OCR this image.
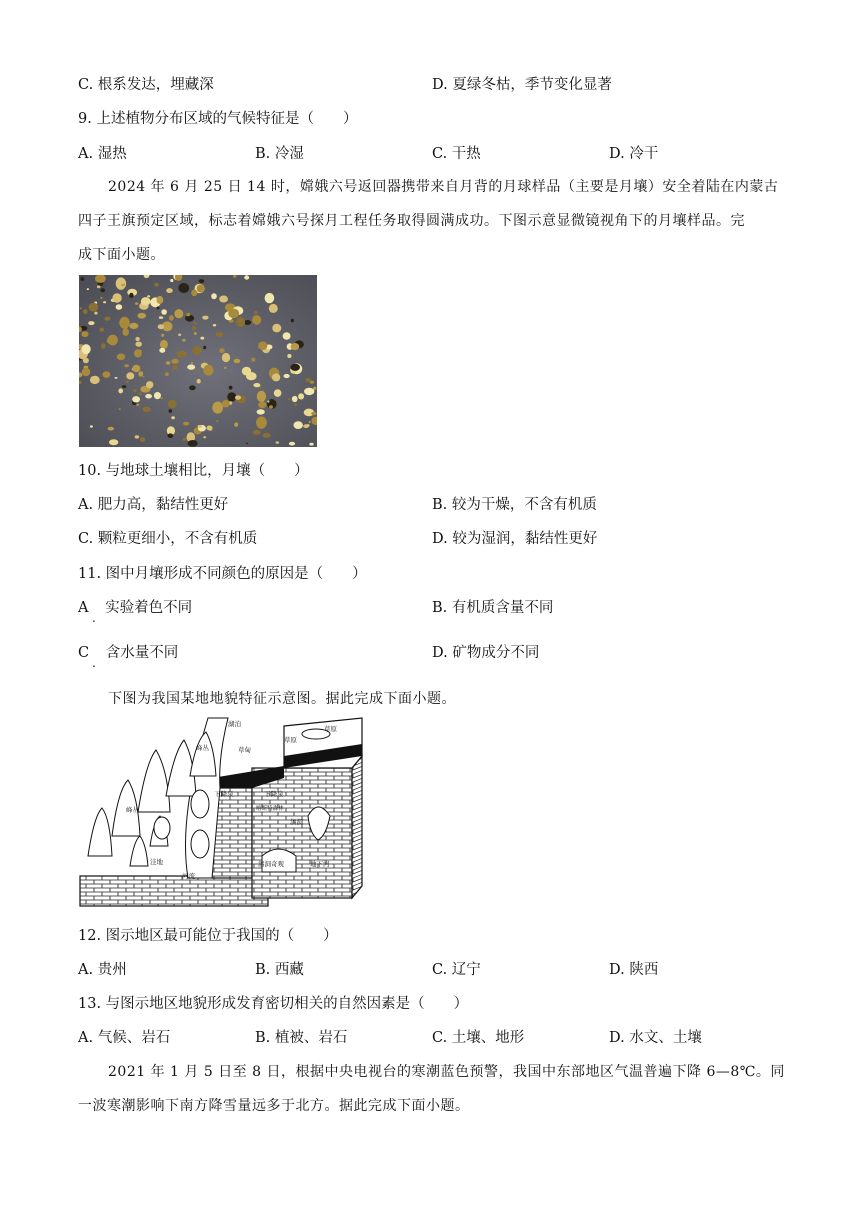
C. 根系发达，埋藏深	D. 夏绿冬枯，季节变化显著
9. 上述植物分布区域的气候特征是（　　）
A. 湿热	B. 冷湿	C. 干热	D. 冷干
2024 年 6 月 25 日 14 时，嫦娥六号返回器携带来自月背的月球样品（主要是月壤）安全着陆在内蒙古
四子王旗预定区域，标志着嫦娥六号探月工程任务取得圆满成功。下图示意显微镜视角下的月壤样品。完
成下面小题。
10. 与地球土壤相比，月壤（　　）
A. 肥力高，黏结性更好	B. 较为干燥，不含有机质
C. 颗粒更细小，不含有机质	D. 较为湿润，黏结性更好
11. 图中月壤形成不同颜色的原因是（　　）
A 实验着色不同
.
B. 有机质含量不同
C 含水量不同
.
D. 矿物成分不同
下图为我国某地地貌特征示意图。据此完成下面小题。
湖泊
草原
峰丛
草原
草甸
峰丛
下降泉	下降泉
喀斯特森林
溶洞
洼地
河流
溶洞奇观	地下河
12. 图示地区最可能位于我国的（　　）
A. 贵州	B. 西藏	C. 辽宁	D. 陕西
13. 与图示地区地貌形成发育密切相关的自然因素是（　　）
A. 气候、岩石	B. 植被、岩石	C. 土壤、地形	D. 水文、土壤
2021 年 1 月 5 日至 8 日，根据中央电视台的寒潮蓝色预警，我国中东部地区气温普遍下降 6—8℃。同
一波寒潮影响下南方降雪量远多于北方。据此完成下面小题。
